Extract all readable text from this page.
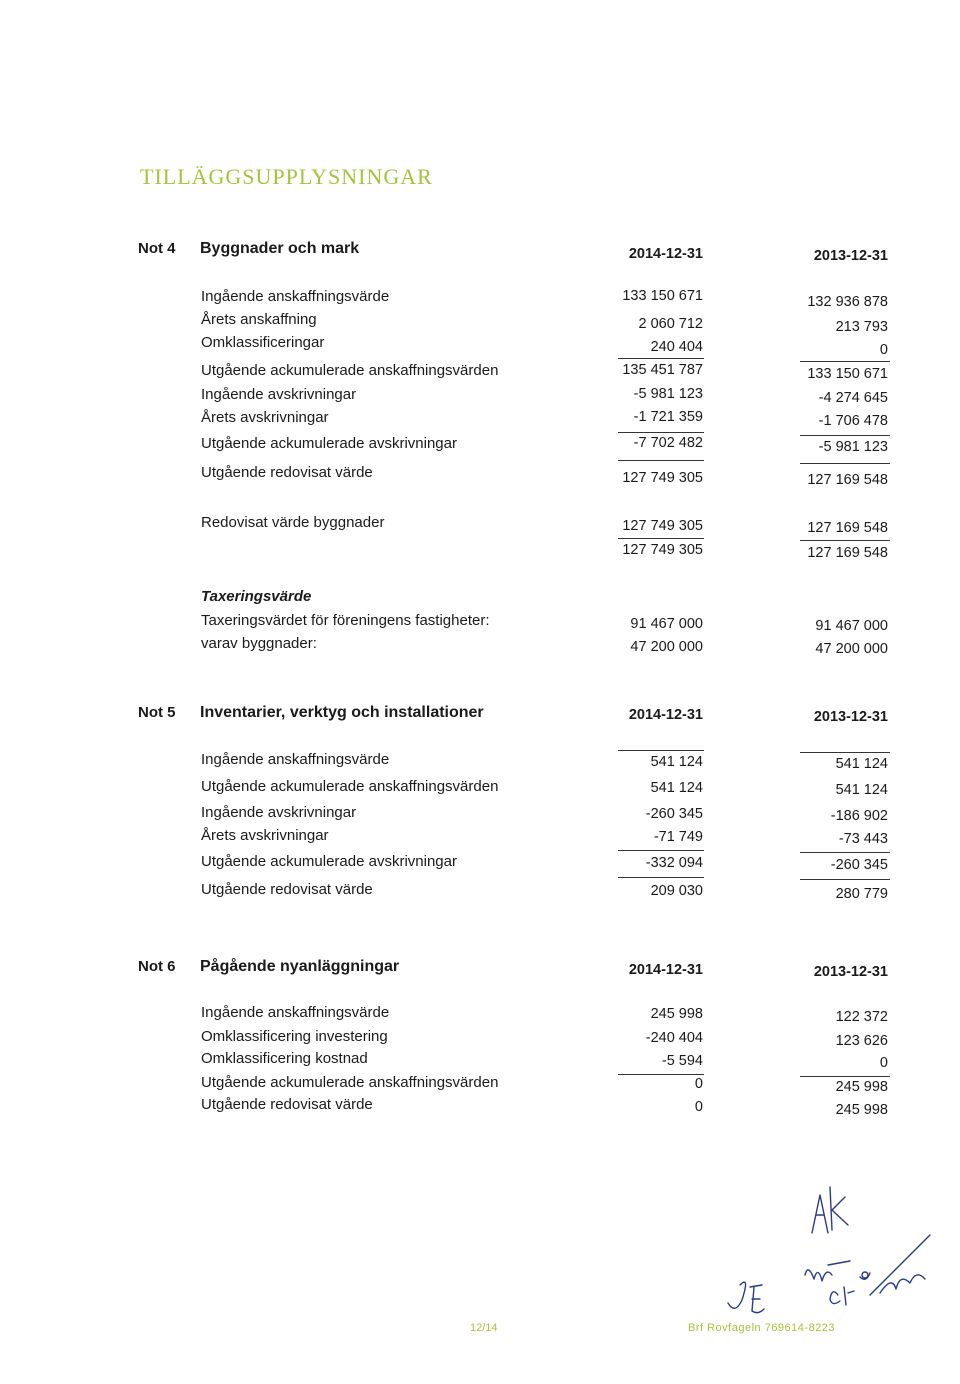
TILLÄGGSUPPLYSNINGAR
Not 4 Byggnader och mark	2014-12-31	2013-12-31
Ingående anskaffningsvärde	133 150 671	132 936 878
Årets anskaffning	2 060 712	213 793
Omklassificeringar	240 404	0
Utgående ackumulerade anskaffningsvärden	135 451 787	133 150 671
Ingående avskrivningar	-5 981 123	-4 274 645
Årets avskrivningar	-1 721 359	-1 706 478
Utgående ackumulerade avskrivningar	-7 702 482	-5 981 123
Utgående redovisat värde	127 749 305	127 169 548
Redovisat värde byggnader	127 749 305	127 169 548
127 749 305	127 169 548
Taxeringsvärde
Taxeringsvärdet för föreningens fastigheter:	91 467 000	91 467 000
varav byggnader:	47 200 000	47 200 000
Not 5 Inventarier, verktyg och installationer	2014-12-31	2013-12-31
Ingående anskaffningsvärde	541 124	541 124
Utgående ackumulerade anskaffningsvärden	541 124	541 124
Ingående avskrivningar	-260 345	-186 902
Årets avskrivningar	-71 749	-73 443
Utgående ackumulerade avskrivningar	-332 094	-260 345
Utgående redovisat värde	209 030	280 779
Not 6 Pågående nyanläggningar	2014-12-31	2013-12-31
Ingående anskaffningsvärde	245 998	122 372
Omklassificering investering	-240 404	123 626
Omklassificering kostnad	-5 594	0
Utgående ackumulerade anskaffningsvärden	0	245 998
Utgående redovisat värde	0	245 998
12/14	Brf Rovfageln 769614-8223
